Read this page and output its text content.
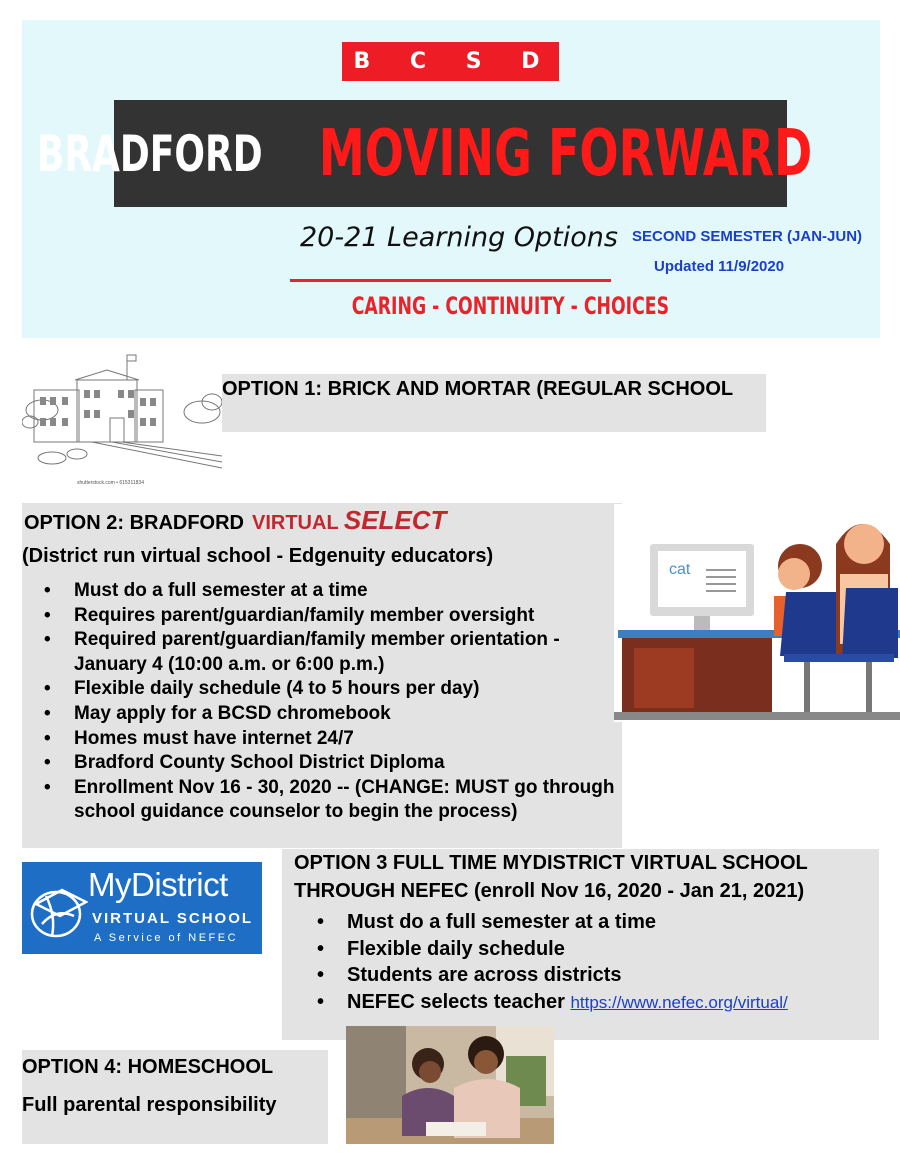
B C S D
BRADFORD MOVING FORWARD
20-21 Learning Options SECOND SEMESTER (JAN-JUN)
Updated 11/9/2020
CARING - CONTINUITY - CHOICES
shutterstock.com • 615311834
OPTION 1: BRICK AND MORTAR (REGULAR SCHOOL
OPTION 2: BRADFORD VIRTUAL SELECT
(District run virtual school - Edgenuity educators)
• Must do a full semester at a time
• Requires parent/guardian/family member oversight
• Required parent/guardian/family member orientation - January 4 (10:00 a.m. or 6:00 p.m.)
• Flexible daily schedule (4 to 5 hours per day)
• May apply for a BCSD chromebook
• Homes must have internet 24/7
• Bradford County School District Diploma
• Enrollment Nov 16 - 30, 2020 -- (CHANGE: MUST go through school guidance counselor to begin the process)
cat
MyDistrict
VIRTUAL SCHOOL
A Service of NEFEC
OPTION 3 FULL TIME MYDISTRICT VIRTUAL SCHOOL THROUGH NEFEC (enroll Nov 16, 2020 - Jan 21, 2021)
• Must do a full semester at a time
• Flexible daily schedule
• Students are across districts
• NEFEC selects teacher https://www.nefec.org/virtual/
OPTION 4: HOMESCHOOL
Full parental responsibility
